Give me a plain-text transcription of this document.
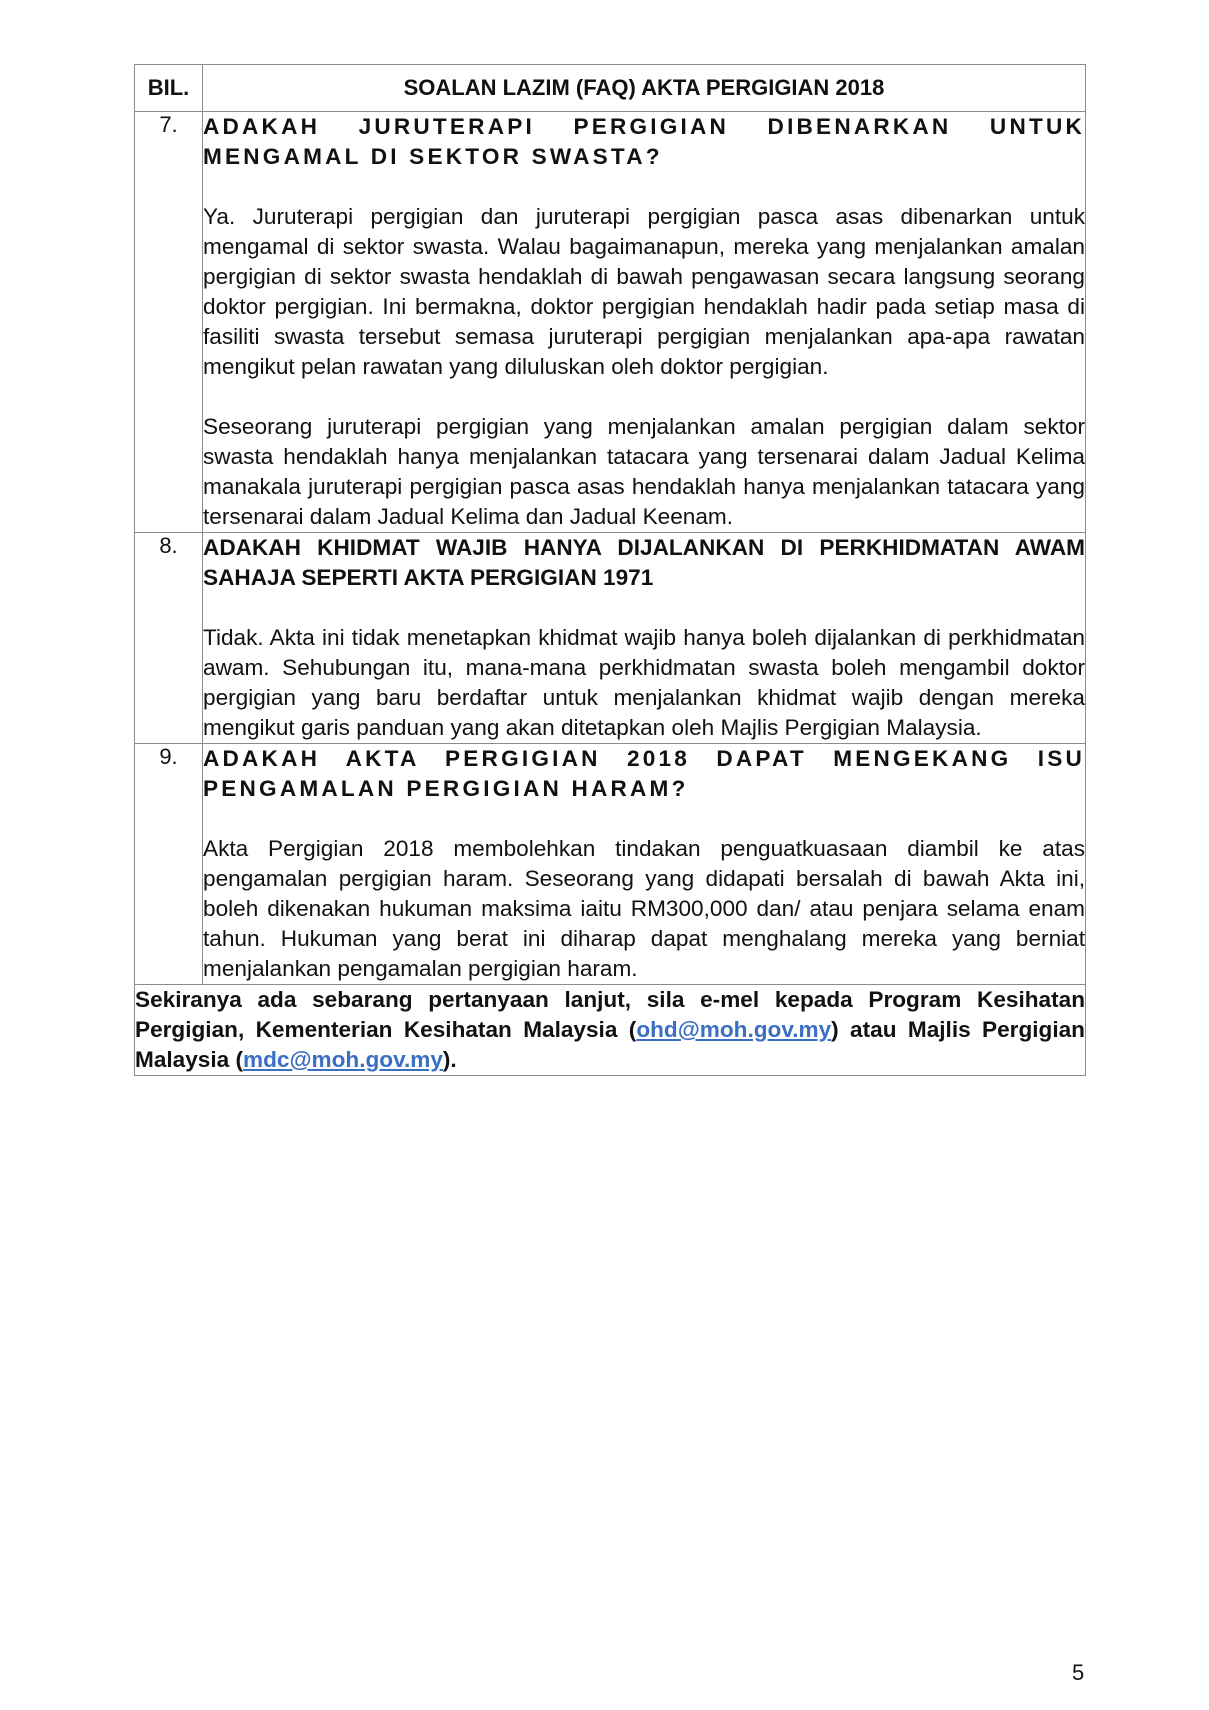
BIL.	SOALAN LAZIM (FAQ) AKTA PERGIGIAN 2018
7.	ADAKAH JURUTERAPI PERGIGIAN DIBENARKAN UNTUK MENGAMAL DI SEKTOR SWASTA?

Ya. Juruterapi pergigian dan juruterapi pergigian pasca asas dibenarkan untuk mengamal di sektor swasta. Walau bagaimanapun, mereka yang menjalankan amalan pergigian di sektor swasta hendaklah di bawah pengawasan secara langsung seorang doktor pergigian. Ini bermakna, doktor pergigian hendaklah hadir pada setiap masa di fasiliti swasta tersebut semasa juruterapi pergigian menjalankan apa-apa rawatan mengikut pelan rawatan yang diluluskan oleh doktor pergigian.

Seseorang juruterapi pergigian yang menjalankan amalan pergigian dalam sektor swasta hendaklah hanya menjalankan tatacara yang tersenarai dalam Jadual Kelima manakala juruterapi pergigian pasca asas hendaklah hanya menjalankan tatacara yang tersenarai dalam Jadual Kelima dan Jadual Keenam.

8.	ADAKAH KHIDMAT WAJIB HANYA DIJALANKAN DI PERKHIDMATAN AWAM SAHAJA SEPERTI AKTA PERGIGIAN 1971

Tidak. Akta ini tidak menetapkan khidmat wajib hanya boleh dijalankan di perkhidmatan awam. Sehubungan itu, mana-mana perkhidmatan swasta boleh mengambil doktor pergigian yang baru berdaftar untuk menjalankan khidmat wajib dengan mereka mengikut garis panduan yang akan ditetapkan oleh Majlis Pergigian Malaysia.

9.	ADAKAH AKTA PERGIGIAN 2018 DAPAT MENGEKANG ISU PENGAMALAN PERGIGIAN HARAM?

Akta Pergigian 2018 membolehkan tindakan penguatkuasaan diambil ke atas pengamalan pergigian haram. Seseorang yang didapati bersalah di bawah Akta ini, boleh dikenakan hukuman maksima iaitu RM300,000 dan/ atau penjara selama enam tahun. Hukuman yang berat ini diharap dapat menghalang mereka yang berniat menjalankan pengamalan pergigian haram.

Sekiranya ada sebarang pertanyaan lanjut, sila e-mel kepada Program Kesihatan Pergigian, Kementerian Kesihatan Malaysia (ohd@moh.gov.my) atau Majlis Pergigian Malaysia (mdc@moh.gov.my).	

5
